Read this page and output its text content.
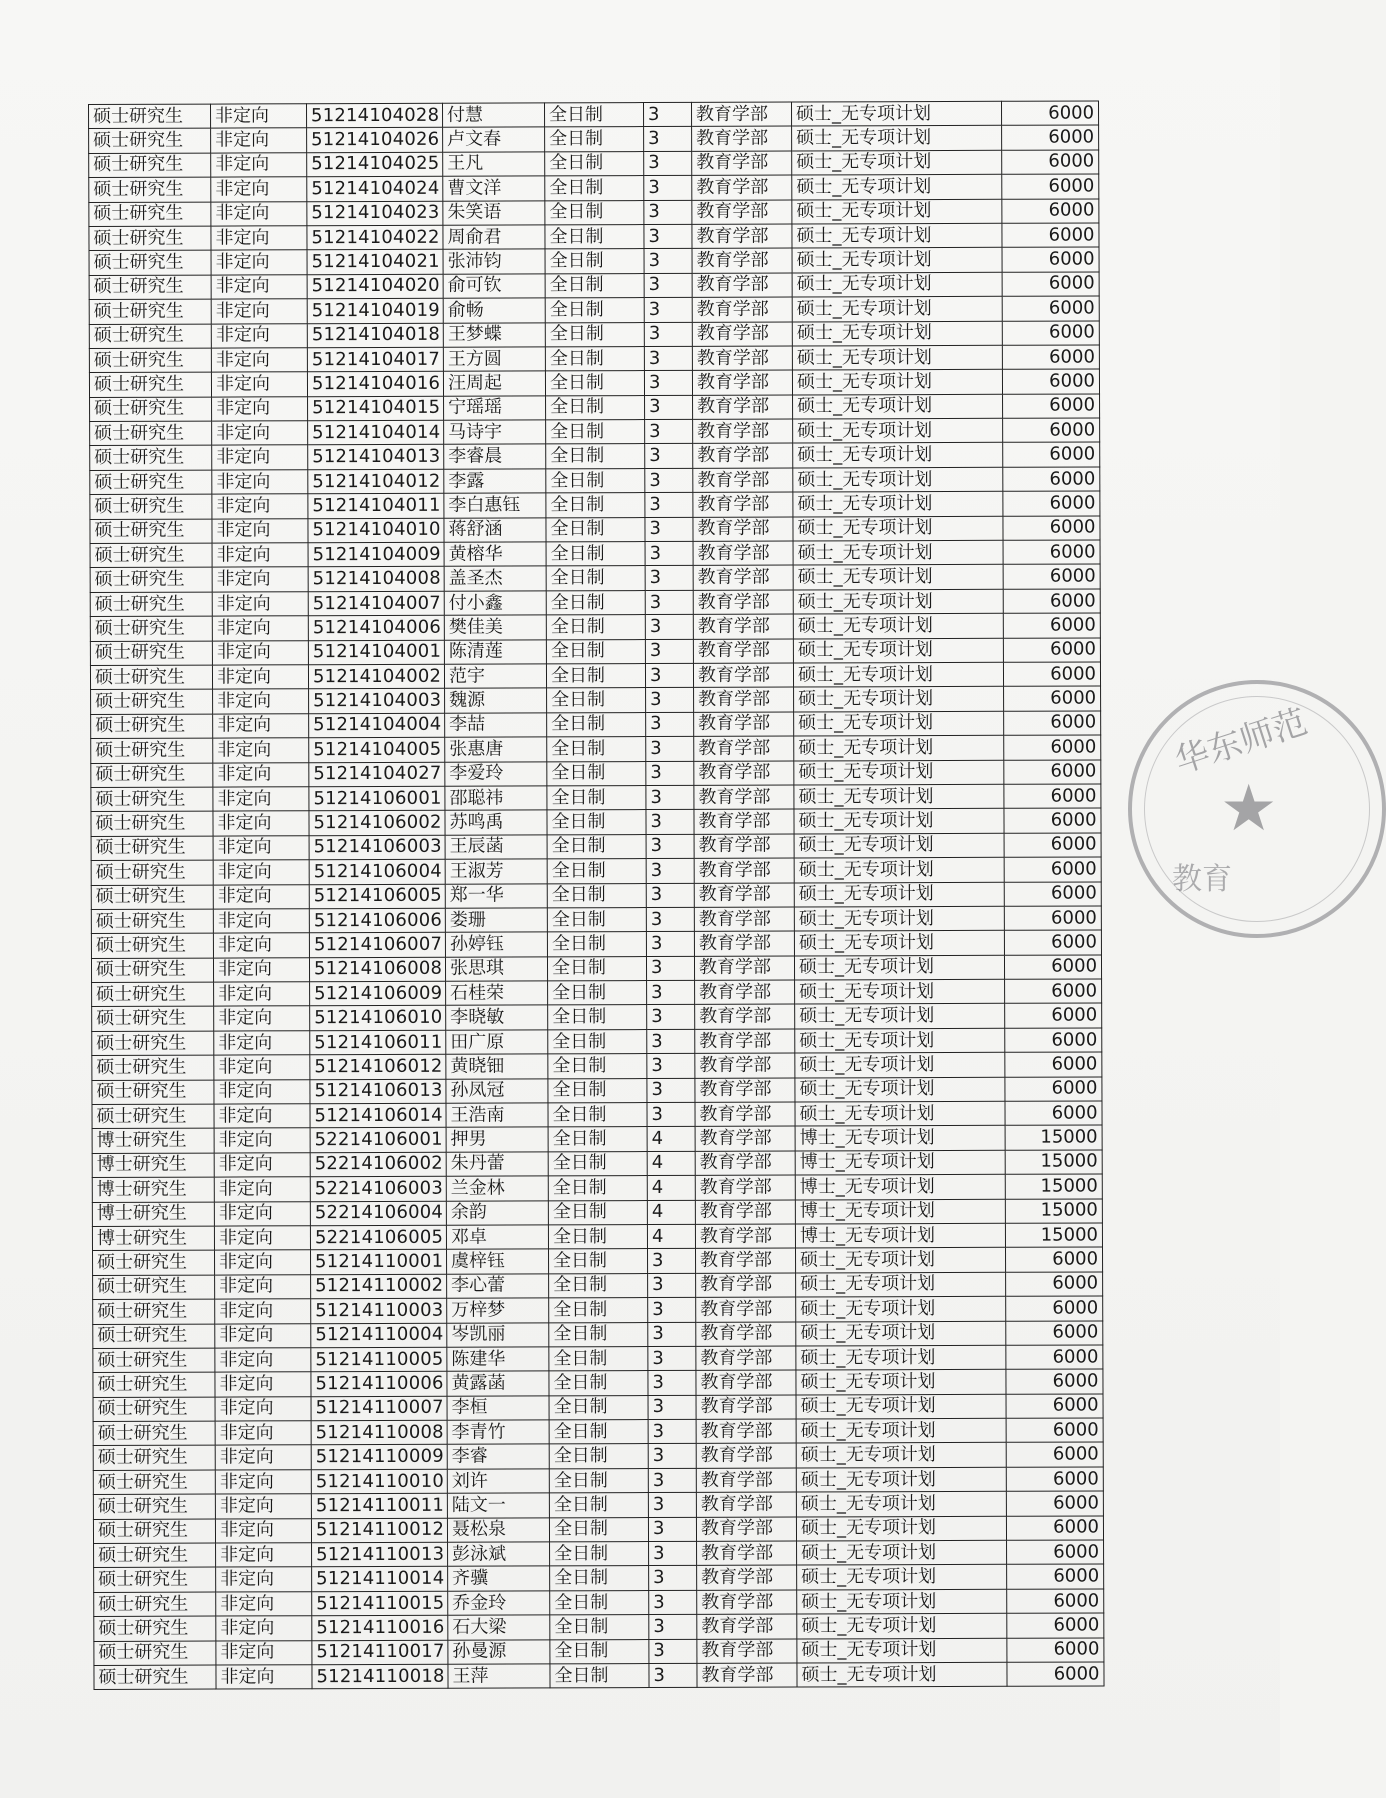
硕士研究生	非定向	51214104028	付慧	全日制	3	教育学部	硕士_无专项计划	6000
硕士研究生	非定向	51214104026	卢文春	全日制	3	教育学部	硕士_无专项计划	6000
硕士研究生	非定向	51214104025	王凡	全日制	3	教育学部	硕士_无专项计划	6000
硕士研究生	非定向	51214104024	曹文洋	全日制	3	教育学部	硕士_无专项计划	6000
硕士研究生	非定向	51214104023	朱笑语	全日制	3	教育学部	硕士_无专项计划	6000
硕士研究生	非定向	51214104022	周俞君	全日制	3	教育学部	硕士_无专项计划	6000
硕士研究生	非定向	51214104021	张沛钧	全日制	3	教育学部	硕士_无专项计划	6000
硕士研究生	非定向	51214104020	俞可钦	全日制	3	教育学部	硕士_无专项计划	6000
硕士研究生	非定向	51214104019	俞畅	全日制	3	教育学部	硕士_无专项计划	6000
硕士研究生	非定向	51214104018	王梦蝶	全日制	3	教育学部	硕士_无专项计划	6000
硕士研究生	非定向	51214104017	王方圆	全日制	3	教育学部	硕士_无专项计划	6000
硕士研究生	非定向	51214104016	汪周起	全日制	3	教育学部	硕士_无专项计划	6000
硕士研究生	非定向	51214104015	宁瑶瑶	全日制	3	教育学部	硕士_无专项计划	6000
硕士研究生	非定向	51214104014	马诗宇	全日制	3	教育学部	硕士_无专项计划	6000
硕士研究生	非定向	51214104013	李睿晨	全日制	3	教育学部	硕士_无专项计划	6000
硕士研究生	非定向	51214104012	李露	全日制	3	教育学部	硕士_无专项计划	6000
硕士研究生	非定向	51214104011	李白惠钰	全日制	3	教育学部	硕士_无专项计划	6000
硕士研究生	非定向	51214104010	蒋舒涵	全日制	3	教育学部	硕士_无专项计划	6000
硕士研究生	非定向	51214104009	黄榕华	全日制	3	教育学部	硕士_无专项计划	6000
硕士研究生	非定向	51214104008	盖圣杰	全日制	3	教育学部	硕士_无专项计划	6000
硕士研究生	非定向	51214104007	付小鑫	全日制	3	教育学部	硕士_无专项计划	6000
硕士研究生	非定向	51214104006	樊佳美	全日制	3	教育学部	硕士_无专项计划	6000
硕士研究生	非定向	51214104001	陈清莲	全日制	3	教育学部	硕士_无专项计划	6000
硕士研究生	非定向	51214104002	范宇	全日制	3	教育学部	硕士_无专项计划	6000
硕士研究生	非定向	51214104003	魏源	全日制	3	教育学部	硕士_无专项计划	6000
硕士研究生	非定向	51214104004	李喆	全日制	3	教育学部	硕士_无专项计划	6000
硕士研究生	非定向	51214104005	张惠唐	全日制	3	教育学部	硕士_无专项计划	6000
硕士研究生	非定向	51214104027	李爱玲	全日制	3	教育学部	硕士_无专项计划	6000
硕士研究生	非定向	51214106001	邵聪祎	全日制	3	教育学部	硕士_无专项计划	6000
硕士研究生	非定向	51214106002	苏鸣禹	全日制	3	教育学部	硕士_无专项计划	6000
硕士研究生	非定向	51214106003	王辰菡	全日制	3	教育学部	硕士_无专项计划	6000
硕士研究生	非定向	51214106004	王淑芳	全日制	3	教育学部	硕士_无专项计划	6000
硕士研究生	非定向	51214106005	郑一华	全日制	3	教育学部	硕士_无专项计划	6000
硕士研究生	非定向	51214106006	娄珊	全日制	3	教育学部	硕士_无专项计划	6000
硕士研究生	非定向	51214106007	孙婷钰	全日制	3	教育学部	硕士_无专项计划	6000
硕士研究生	非定向	51214106008	张思琪	全日制	3	教育学部	硕士_无专项计划	6000
硕士研究生	非定向	51214106009	石桂荣	全日制	3	教育学部	硕士_无专项计划	6000
硕士研究生	非定向	51214106010	李晓敏	全日制	3	教育学部	硕士_无专项计划	6000
硕士研究生	非定向	51214106011	田广原	全日制	3	教育学部	硕士_无专项计划	6000
硕士研究生	非定向	51214106012	黄晓钿	全日制	3	教育学部	硕士_无专项计划	6000
硕士研究生	非定向	51214106013	孙凤冠	全日制	3	教育学部	硕士_无专项计划	6000
硕士研究生	非定向	51214106014	王浩南	全日制	3	教育学部	硕士_无专项计划	6000
博士研究生	非定向	52214106001	押男	全日制	4	教育学部	博士_无专项计划	15000
博士研究生	非定向	52214106002	朱丹蕾	全日制	4	教育学部	博士_无专项计划	15000
博士研究生	非定向	52214106003	兰金林	全日制	4	教育学部	博士_无专项计划	15000
博士研究生	非定向	52214106004	余韵	全日制	4	教育学部	博士_无专项计划	15000
博士研究生	非定向	52214106005	邓卓	全日制	4	教育学部	博士_无专项计划	15000
硕士研究生	非定向	51214110001	虞梓钰	全日制	3	教育学部	硕士_无专项计划	6000
硕士研究生	非定向	51214110002	李心蕾	全日制	3	教育学部	硕士_无专项计划	6000
硕士研究生	非定向	51214110003	万梓梦	全日制	3	教育学部	硕士_无专项计划	6000
硕士研究生	非定向	51214110004	岑凯丽	全日制	3	教育学部	硕士_无专项计划	6000
硕士研究生	非定向	51214110005	陈建华	全日制	3	教育学部	硕士_无专项计划	6000
硕士研究生	非定向	51214110006	黄露菡	全日制	3	教育学部	硕士_无专项计划	6000
硕士研究生	非定向	51214110007	李桓	全日制	3	教育学部	硕士_无专项计划	6000
硕士研究生	非定向	51214110008	李青竹	全日制	3	教育学部	硕士_无专项计划	6000
硕士研究生	非定向	51214110009	李睿	全日制	3	教育学部	硕士_无专项计划	6000
硕士研究生	非定向	51214110010	刘许	全日制	3	教育学部	硕士_无专项计划	6000
硕士研究生	非定向	51214110011	陆文一	全日制	3	教育学部	硕士_无专项计划	6000
硕士研究生	非定向	51214110012	聂松泉	全日制	3	教育学部	硕士_无专项计划	6000
硕士研究生	非定向	51214110013	彭泳斌	全日制	3	教育学部	硕士_无专项计划	6000
硕士研究生	非定向	51214110014	齐骥	全日制	3	教育学部	硕士_无专项计划	6000
硕士研究生	非定向	51214110015	乔金玲	全日制	3	教育学部	硕士_无专项计划	6000
硕士研究生	非定向	51214110016	石大梁	全日制	3	教育学部	硕士_无专项计划	6000
硕士研究生	非定向	51214110017	孙曼源	全日制	3	教育学部	硕士_无专项计划	6000
硕士研究生	非定向	51214110018	王萍	全日制	3	教育学部	硕士_无专项计划	6000
华东师范
★
教育
